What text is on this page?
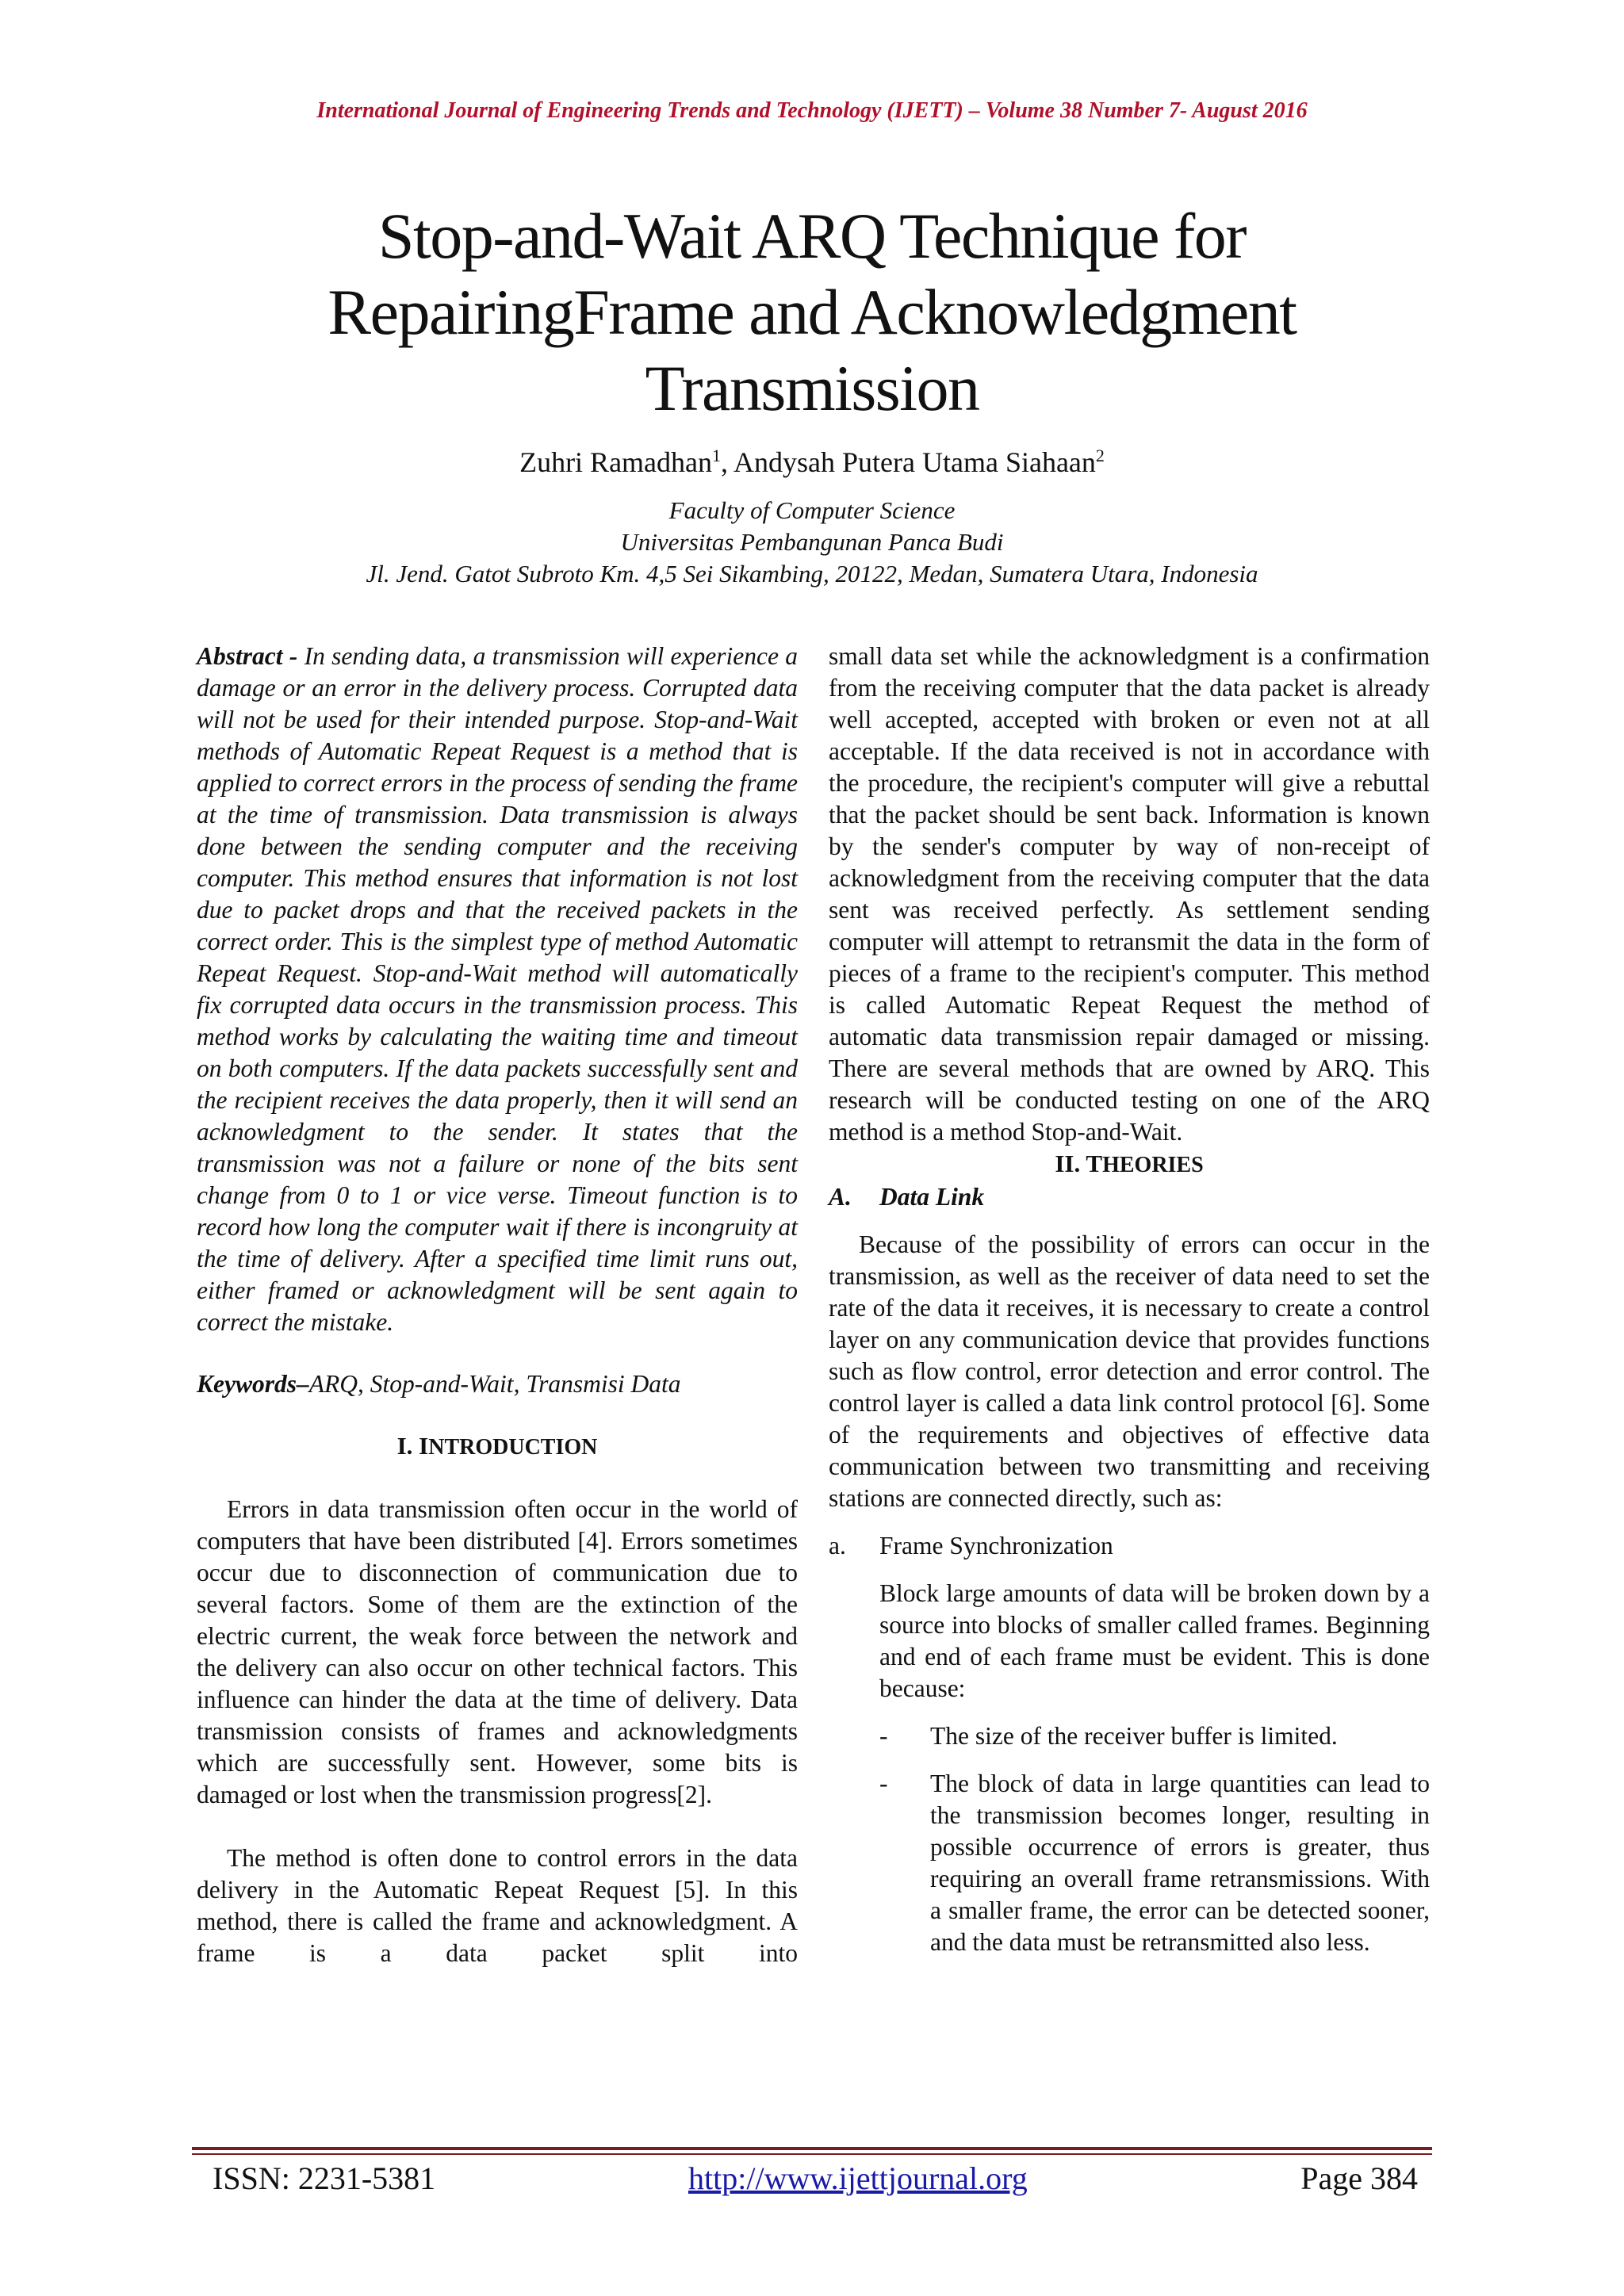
International Journal of Engineering Trends and Technology (IJETT) – Volume 38 Number 7- August 2016
Stop-and-Wait ARQ Technique for
RepairingFrame and Acknowledgment
Transmission
Zuhri Ramadhan$^1$, Andysah Putera Utama Siahaan$^2$
Faculty of Computer Science
Universitas Pembangunan Panca Budi
Jl. Jend. Gatot Subroto Km. 4,5 Sei Sikambing, 20122, Medan, Sumatera Utara, Indonesia

Abstract - In sending data, a transmission will experience a damage or an error in the delivery process. Corrupted data will not be used for their intended purpose. Stop-and-Wait methods of Automatic Repeat Request is a method that is applied to correct errors in the process of sending the frame at the time of transmission. Data transmission is always done between the sending computer and the receiving computer. This method ensures that information is not lost due to packet drops and that the received packets in the correct order. This is the simplest type of method Automatic Repeat Request. Stop-and-Wait method will automatically fix corrupted data occurs in the transmission process. This method works by calculating the waiting time and timeout on both computers. If the data packets successfully sent and the recipient receives the data properly, then it will send an acknowledgment to the sender. It states that the transmission was not a failure or none of the bits sent change from 0 to 1 or vice verse. Timeout function is to record how long the computer wait if there is incongruity at the time of delivery. After a specified time limit runs out, either framed or acknowledgment will be sent again to correct the mistake.

Keywords–ARQ, Stop-and-Wait, Transmisi Data

I. INTRODUCTION

Errors in data transmission often occur in the world of computers that have been distributed [4]. Errors sometimes occur due to disconnection of communication due to several factors. Some of them are the extinction of the electric current, the weak force between the network and the delivery can also occur on other technical factors. This influence can hinder the data at the time of delivery. Data transmission consists of frames and acknowledgments which are successfully sent. However, some bits is damaged or lost when the transmission progress[2].

The method is often done to control errors in the data delivery in the Automatic Repeat Request [5]. In this method, there is called the frame and acknowledgment. A frame is a data packet split into

small data set while the acknowledgment is a confirmation from the receiving computer that the data packet is already well accepted, accepted with broken or even not at all acceptable. If the data received is not in accordance with the procedure, the recipient's computer will give a rebuttal that the packet should be sent back. Information is known by the sender's computer by way of non-receipt of acknowledgment from the receiving computer that the data sent was received perfectly. As settlement sending computer will attempt to retransmit the data in the form of pieces of a frame to the recipient's computer. This method is called Automatic Repeat Request the method of automatic data transmission repair damaged or missing. There are several methods that are owned by ARQ. This research will be conducted testing on one of the ARQ method is a method Stop-and-Wait.

II. THEORIES
A. Data Link

Because of the possibility of errors can occur in the transmission, as well as the receiver of data need to set the rate of the data it receives, it is necessary to create a control layer on any communication device that provides functions such as flow control, error detection and error control. The control layer is called a data link control protocol [6]. Some of the requirements and objectives of effective data communication between two transmitting and receiving stations are connected directly, such as:

a.	Frame Synchronization

Block large amounts of data will be broken down by a source into blocks of smaller called frames. Beginning and end of each frame must be evident. This is done because:

-	The size of the receiver buffer is limited.
-	The block of data in large quantities can lead to the transmission becomes longer, resulting in possible occurrence of errors is greater, thus requiring an overall frame retransmissions. With a smaller frame, the error can be detected sooner, and the data must be retransmitted also less.
ISSN: 2231-5381	http://www.ijettjournal.org	Page 384
